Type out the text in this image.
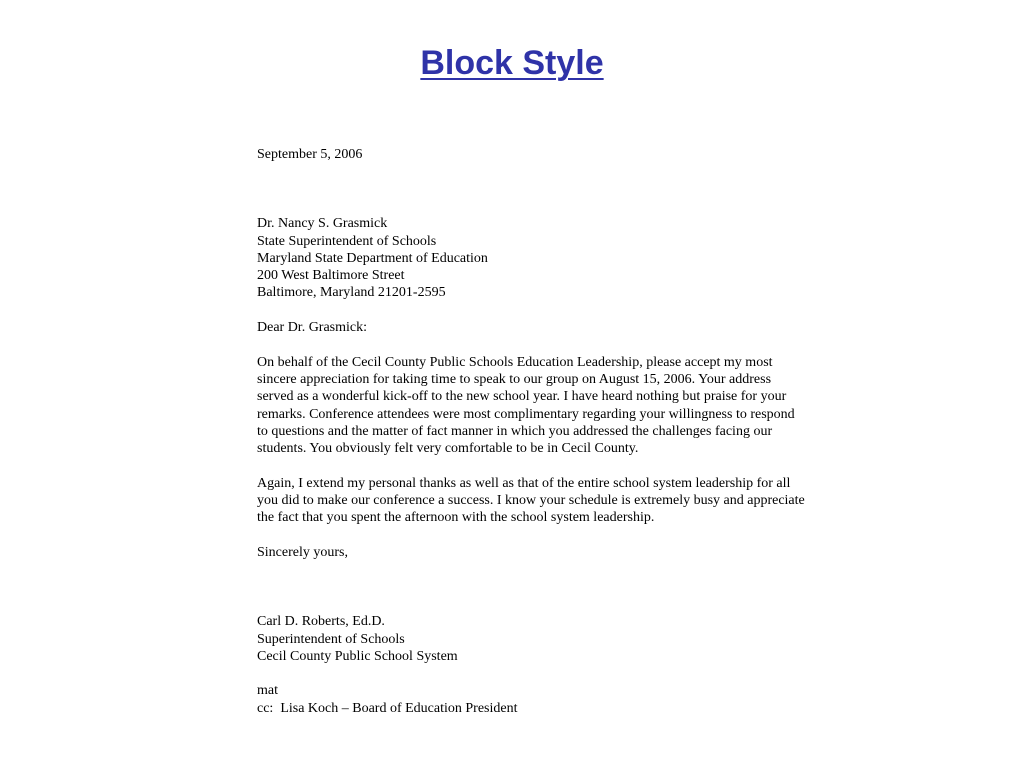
Block Style
September 5, 2006
Dr. Nancy S. Grasmick
State Superintendent of Schools
Maryland State Department of Education
200 West Baltimore Street
Baltimore, Maryland 21201-2595
Dear Dr. Grasmick:
On behalf of the Cecil County Public Schools Education Leadership, please accept my most
sincere appreciation for taking time to speak to our group on August 15, 2006. Your address
served as a wonderful kick-off to the new school year. I have heard nothing but praise for your
remarks. Conference attendees were most complimentary regarding your willingness to respond
to questions and the matter of fact manner in which you addressed the challenges facing our
students. You obviously felt very comfortable to be in Cecil County.
Again, I extend my personal thanks as well as that of the entire school system leadership for all
you did to make our conference a success. I know your schedule is extremely busy and appreciate
the fact that you spent the afternoon with the school system leadership.
Sincerely yours,
Carl D. Roberts, Ed.D.
Superintendent of Schools
Cecil County Public School System
mat
cc:  Lisa Koch – Board of Education President
